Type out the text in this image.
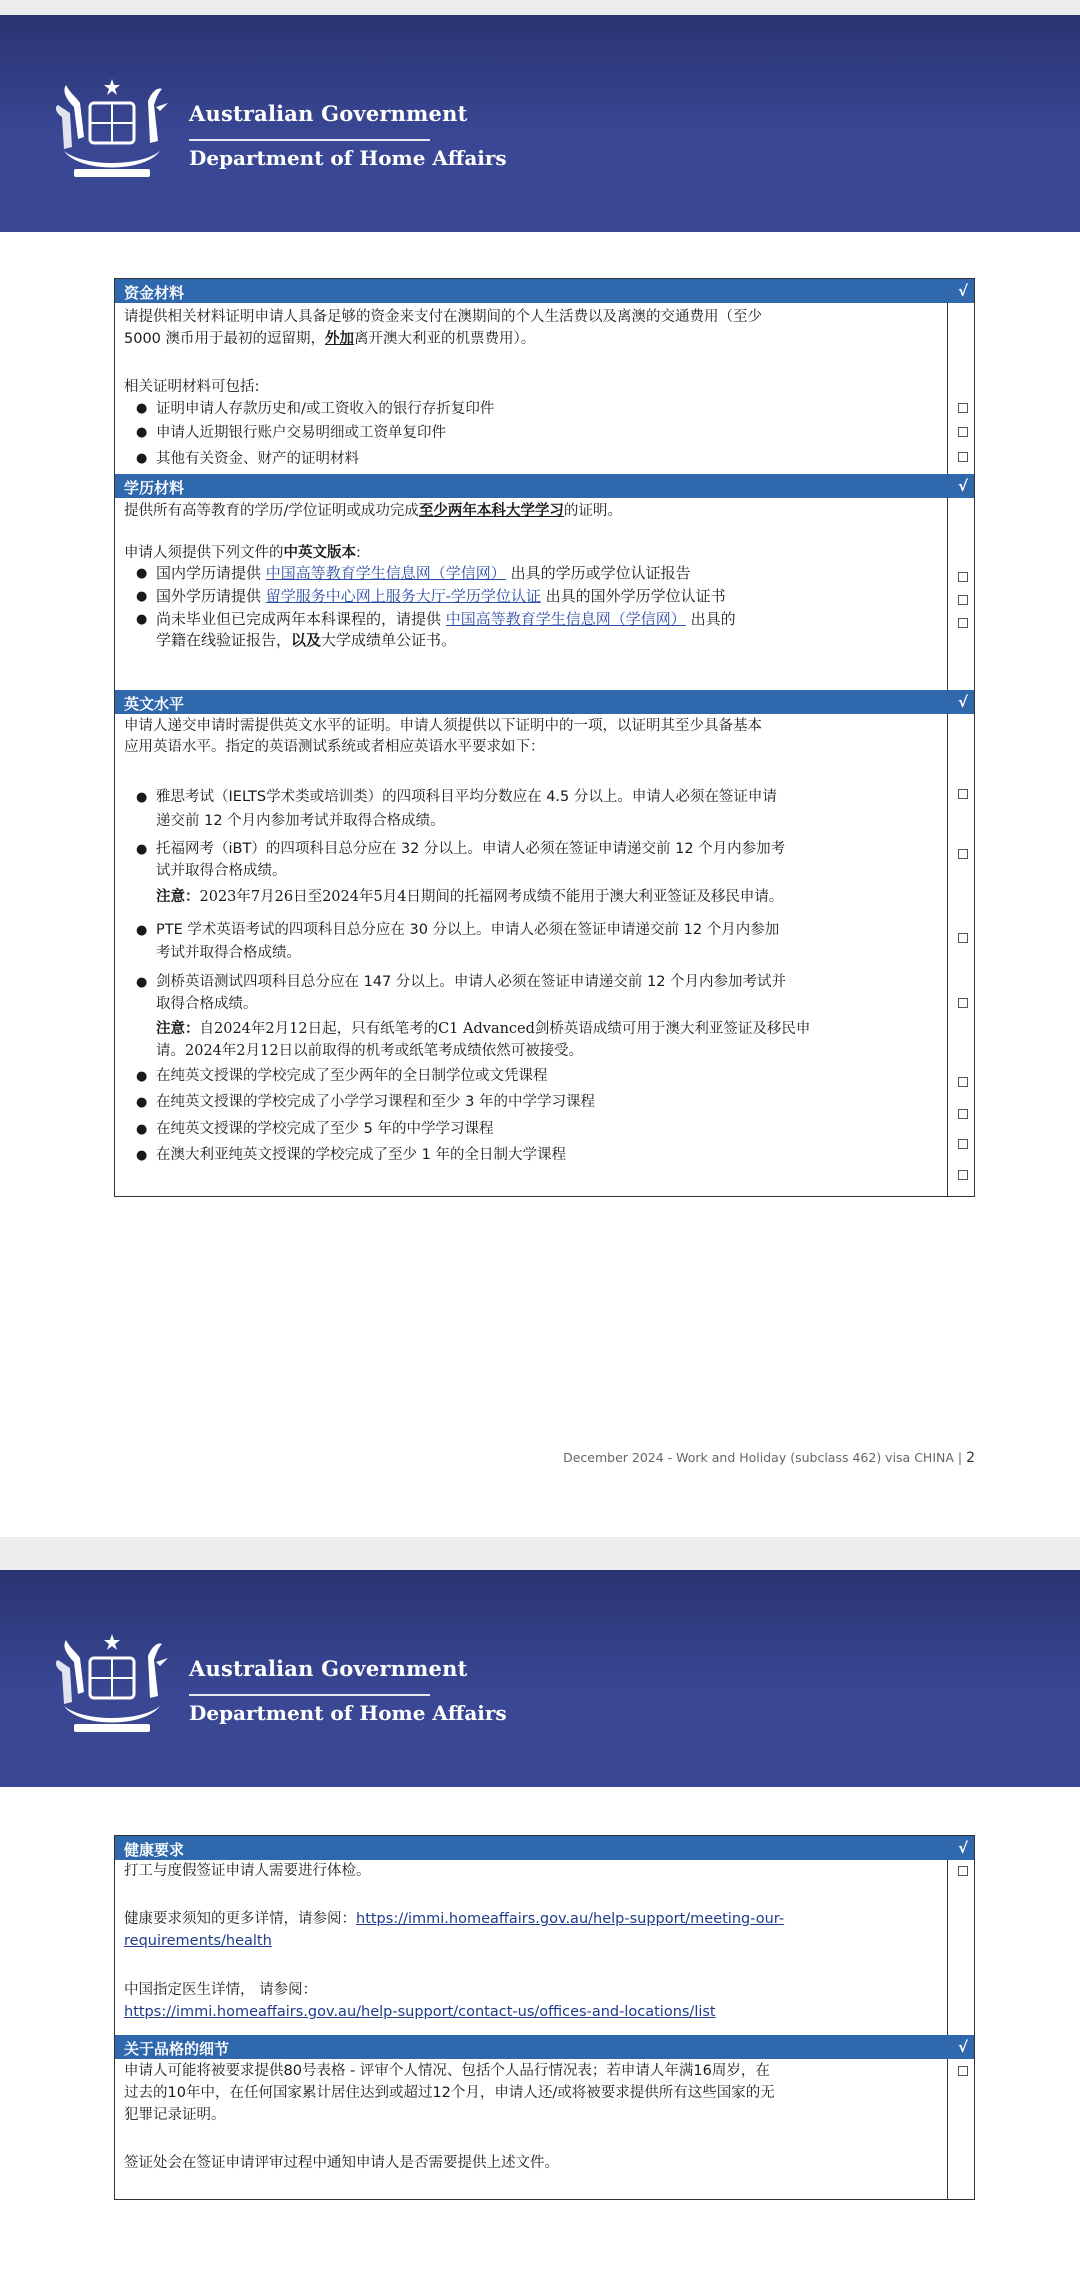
Australian Government
Department of Home Affairs
资金材料	√
请提供相关材料证明申请人具备足够的资金来支付在澳期间的个人生活费以及离澳的交通费用（至少
5000 澳币用于最初的逗留期，外加离开澳大利亚的机票费用）。
相关证明材料可包括:
● 证明申请人存款历史和/或工资收入的银行存折复印件
● 申请人近期银行账户交易明细或工资单复印件
● 其他有关资金、财产的证明材料
学历材料	√
提供所有高等教育的学历/学位证明或成功完成至少两年本科大学学习的证明。
申请人须提供下列文件的中英文版本:
● 国内学历请提供 中国高等教育学生信息网（学信网） 出具的学历或学位认证报告
● 国外学历请提供 留学服务中心网上服务大厅-学历学位认证 出具的国外学历学位认证书
● 尚未毕业但已完成两年本科课程的，请提供 中国高等教育学生信息网（学信网） 出具的
学籍在线验证报告，以及大学成绩单公证书。
英文水平	√
申请人递交申请时需提供英文水平的证明。申请人须提供以下证明中的一项，以证明其至少具备基本
应用英语水平。指定的英语测试系统或者相应英语水平要求如下：
● 雅思考试（IELTS学术类或培训类）的四项科目平均分数应在 4.5 分以上。申请人必须在签证申请
递交前 12 个月内参加考试并取得合格成绩。
● 托福网考（iBT）的四项科目总分应在 32 分以上。申请人必须在签证申请递交前 12 个月内参加考
试并取得合格成绩。
注意：2023年7月26日至2024年5月4日期间的托福网考成绩不能用于澳大利亚签证及移民申请。
● PTE 学术英语考试的四项科目总分应在 30 分以上。申请人必须在签证申请递交前 12 个月内参加
考试并取得合格成绩。
● 剑桥英语测试四项科目总分应在 147 分以上。申请人必须在签证申请递交前 12 个月内参加考试并
取得合格成绩。
注意：自2024年2月12日起，只有纸笔考的C1 Advanced剑桥英语成绩可用于澳大利亚签证及移民申
请。2024年2月12日以前取得的机考或纸笔考成绩依然可被接受。
● 在纯英文授课的学校完成了至少两年的全日制学位或文凭课程
● 在纯英文授课的学校完成了小学学习课程和至少 3 年的中学学习课程
● 在纯英文授课的学校完成了至少 5 年的中学学习课程
● 在澳大利亚纯英文授课的学校完成了至少 1 年的全日制大学课程
December 2024 - Work and Holiday (subclass 462) visa CHINA | 2
Australian Government
Department of Home Affairs
健康要求	√
打工与度假签证申请人需要进行体检。
健康要求须知的更多详情，请参阅：https://immi.homeaffairs.gov.au/help-support/meeting-our-
requirements/health
中国指定医生详情， 请参阅：
https://immi.homeaffairs.gov.au/help-support/contact-us/offices-and-locations/list
关于品格的细节	√
申请人可能将被要求提供80号表格 - 评审个人情况、包括个人品行情况表；若申请人年满16周岁，在
过去的10年中，在任何国家累计居住达到或超过12个月，申请人还/或将被要求提供所有这些国家的无
犯罪记录证明。
签证处会在签证申请评审过程中通知申请人是否需要提供上述文件。
